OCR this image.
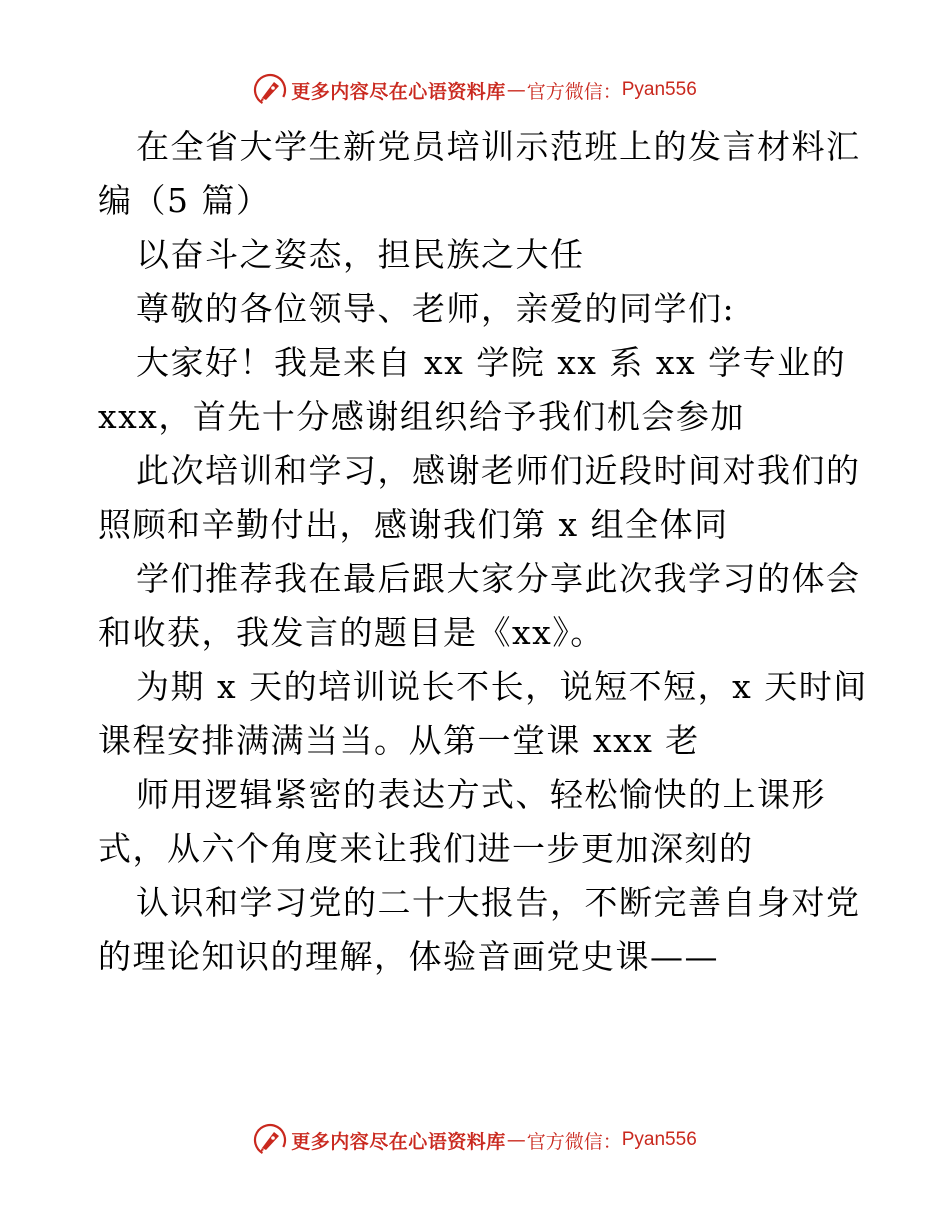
更多内容尽在心语资料库 — 官方微信： Pyan556
在全省大学生新党员培训示范班上的发言材料汇
编（5 篇）
以奋斗之姿态，担民族之大任
尊敬的各位领导、老师，亲爱的同学们:
大家好！我是来自 xx 学院 xx 系 xx 学专业的
xxx，首先十分感谢组织给予我们机会参加
此次培训和学习，感谢老师们近段时间对我们的
照顾和辛勤付出，感谢我们第 x 组全体同
学们推荐我在最后跟大家分享此次我学习的体会
和收获，我发言的题目是《xx》。
为期 x 天的培训说长不长，说短不短，x 天时间
课程安排满满当当。从第一堂课 xxx 老
师用逻辑紧密的表达方式、轻松愉快的上课形
式，从六个角度来让我们进一步更加深刻的
认识和学习党的二十大报告，不断完善自身对党
的理论知识的理解，体验音画党史课——
更多内容尽在心语资料库 — 官方微信： Pyan556
